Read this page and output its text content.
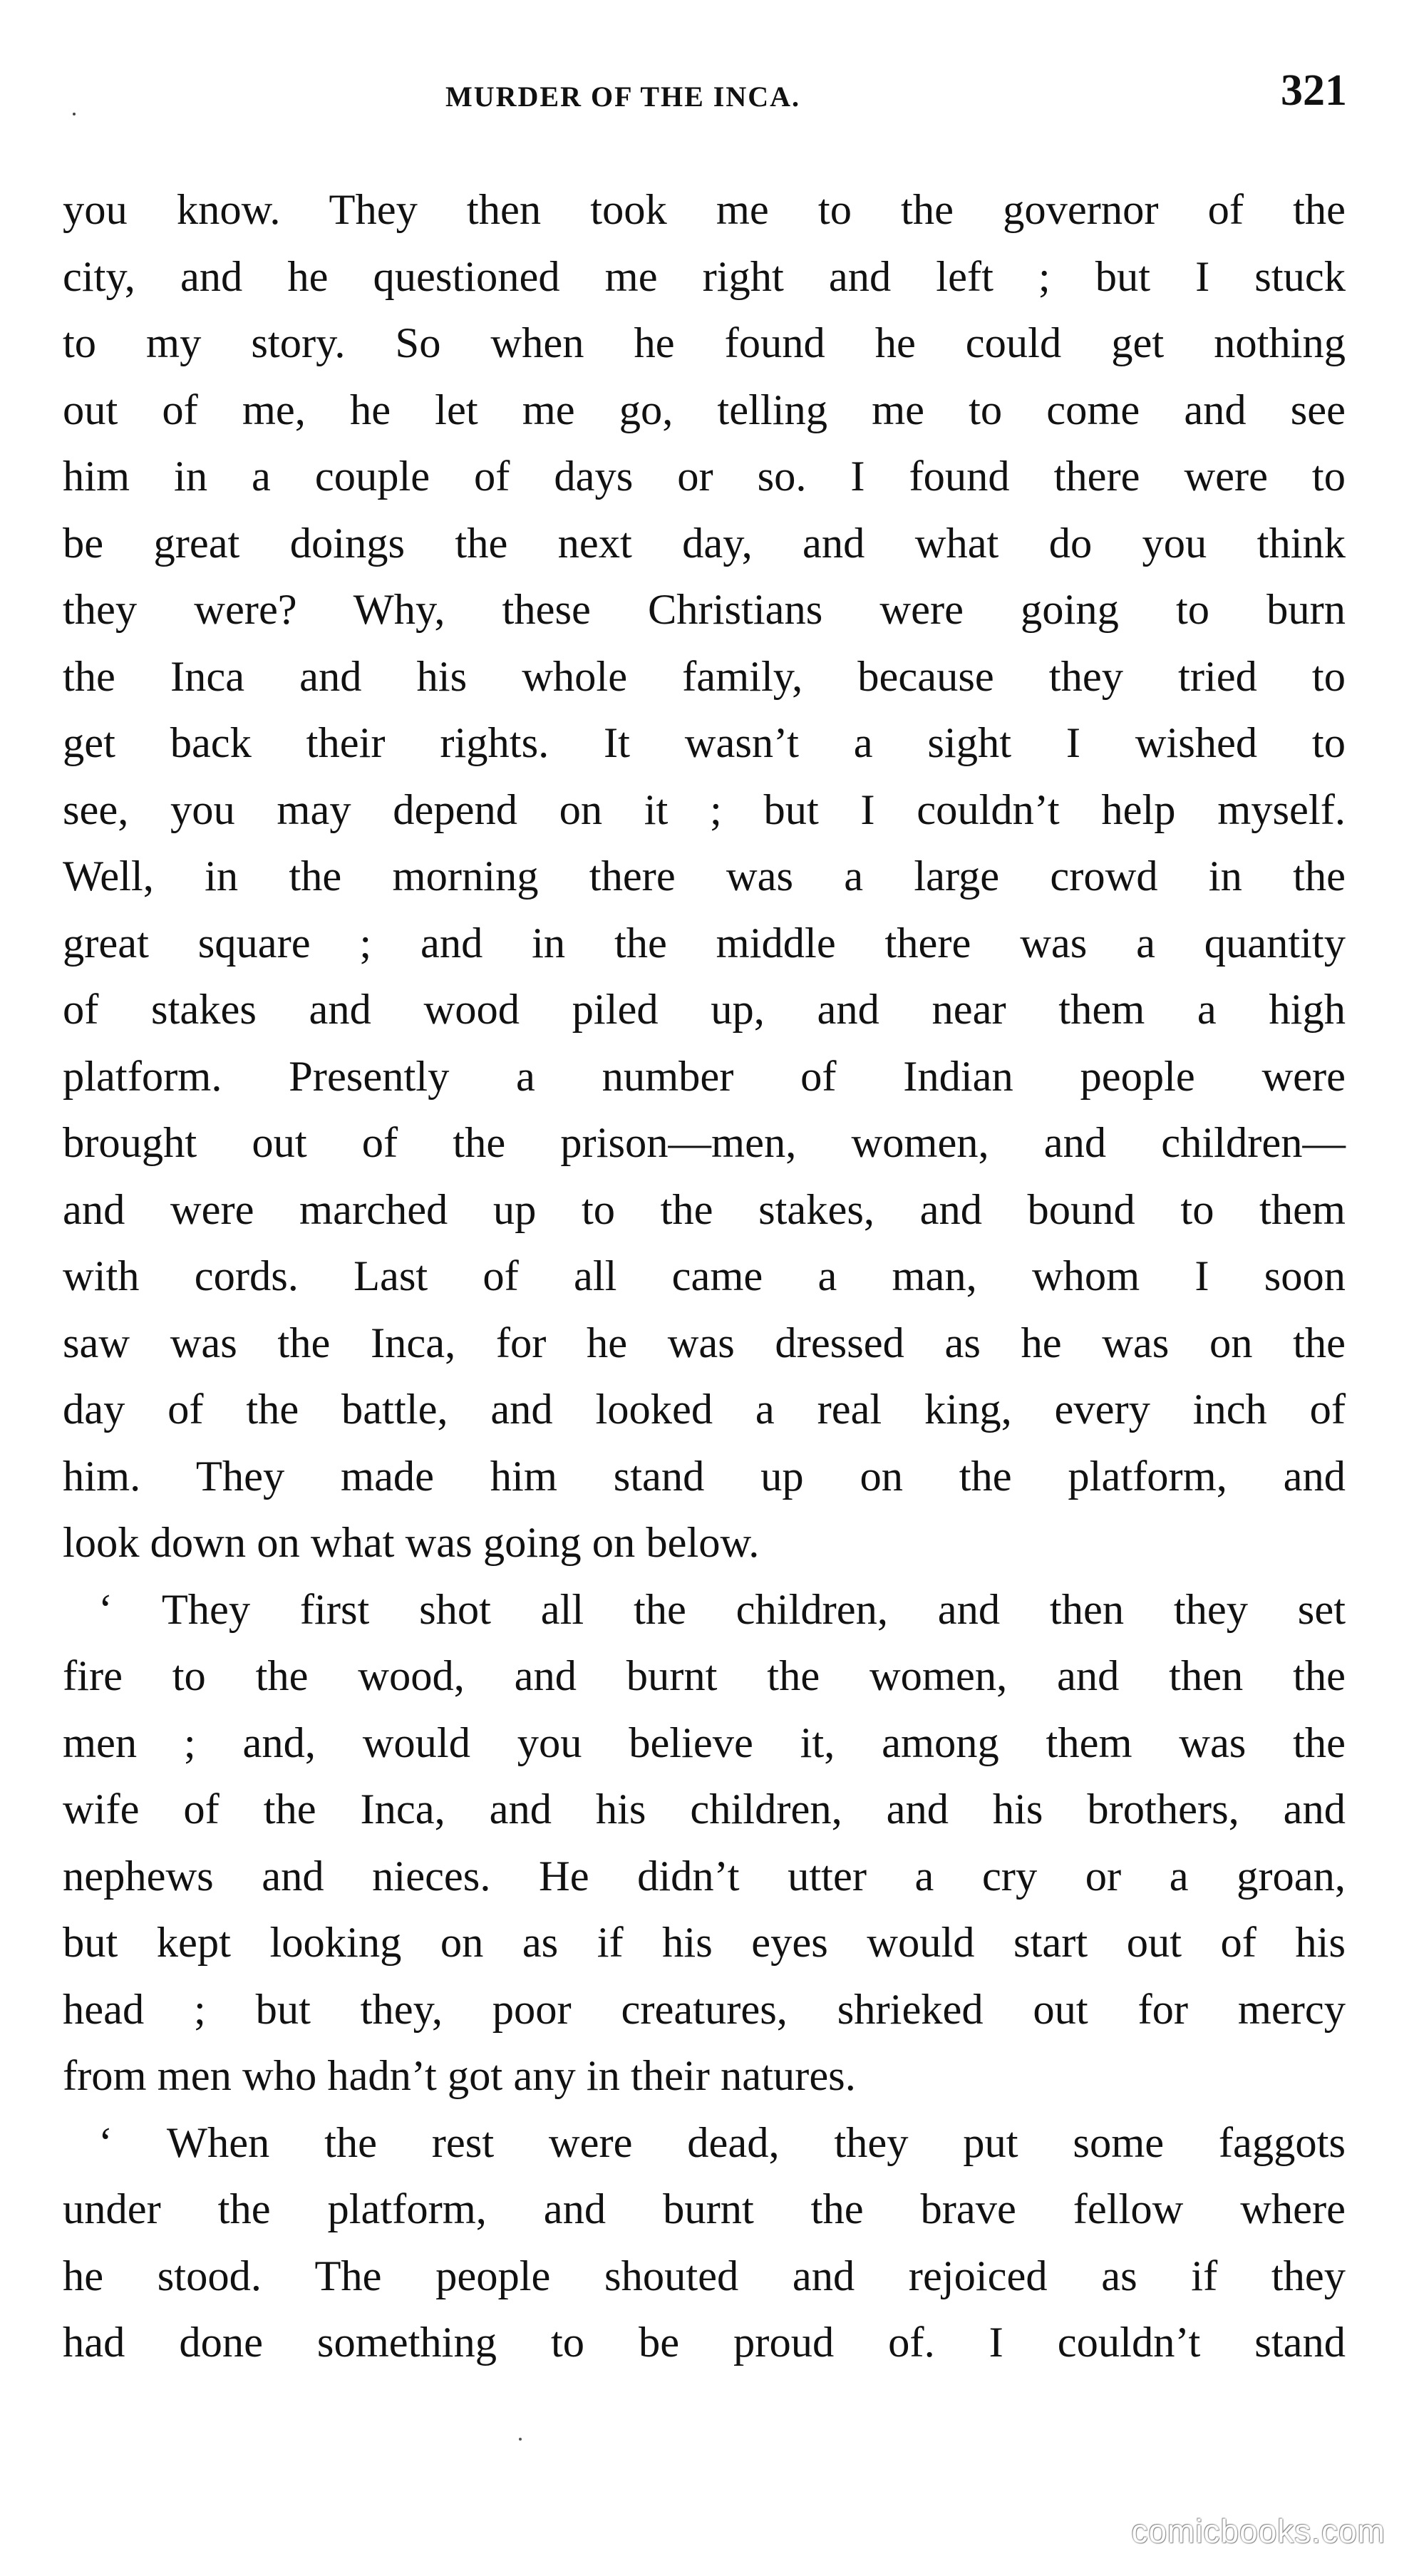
MURDER OF THE INCA.	321
you know. They then took me to the governor of the
city, and he questioned me right and left ; but I stuck
to my story. So when he found he could get nothing
out of me, he let me go, telling me to come and see
him in a couple of days or so. I found there were to
be great doings the next day, and what do you think
they were? Why, these Christians were going to burn
the Inca and his whole family, because they tried to
get back their rights. It wasn’t a sight I wished to
see, you may depend on it ; but I couldn’t help myself.
Well, in the morning there was a large crowd in the
great square ; and in the middle there was a quantity
of stakes and wood piled up, and near them a high
platform. Presently a number of Indian people were
brought out of the prison—men, women, and children—
and were marched up to the stakes, and bound to them
with cords. Last of all came a man, whom I soon
saw was the Inca, for he was dressed as he was on the
day of the battle, and looked a real king, every inch of
him. They made him stand up on the platform, and
look down on what was going on below.
‘ They first shot all the children, and then they set
fire to the wood, and burnt the women, and then the
men ; and, would you believe it, among them was the
wife of the Inca, and his children, and his brothers, and
nephews and nieces. He didn’t utter a cry or a groan,
but kept looking on as if his eyes would start out of his
head ; but they, poor creatures, shrieked out for mercy
from men who hadn’t got any in their natures.
‘ When the rest were dead, they put some faggots
under the platform, and burnt the brave fellow where
he stood. The people shouted and rejoiced as if they
had done something to be proud of. I couldn’t stand
comicbooks.com
